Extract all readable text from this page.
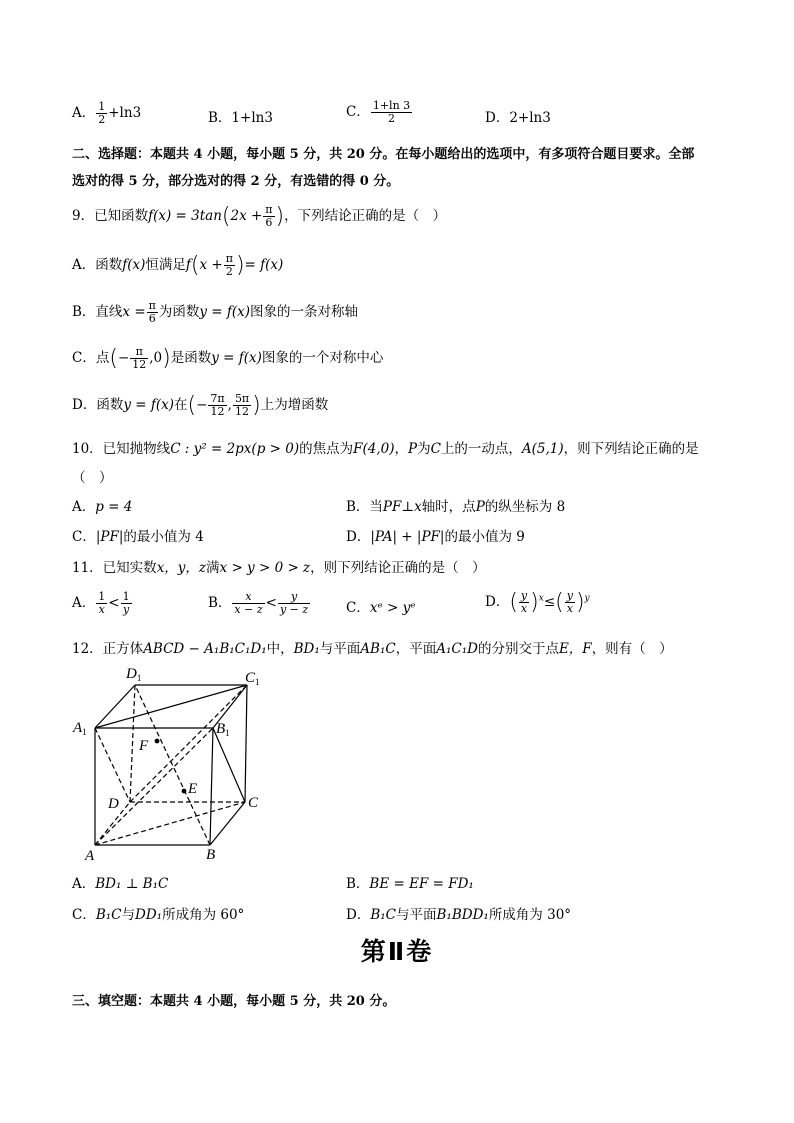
A． $\frac{1}{2} +\ln 3$	B．1+ln3	C． $\frac{1+\ln 3}{2}$	D．2+ln3
二、选择题：本题共 4 小题，每小题 5 分，共 20 分。在每小题给出的选项中，有多项符合题目要求。全部
选对的得 5 分，部分选对的得 2 分，有选错的得 0 分。
9．已知函数$f(x) = 3\tan(2x + \frac{\pi}{6}$ )，下列结论正确的是（　）
A．函数f(x)恒满足$f(x + \frac{\pi}{2}$ )= f(x)
B．直线$x = \frac{\pi}{6}$ 为函数y = f(x)图象的一条对称轴
C．点(− $\frac{\pi}{12} ,0$)是函数y = f(x)图象的一个对称中心
D．函数y = f(x)在(− $\frac{7\pi}{12}$ , $\frac{5\pi}{12}$ )上为增函数
10．已知抛物线C : y² = 2px(p > 0)的焦点为F(4,0)，P为C上的一动点，A(5,1)，则下列结论正确的是
（　）
A．p = 4	B．当PF⊥x轴时，点P的纵坐标为 8
C．|PF|的最小值为 4	D．|PA| + |PF|的最小值为 9
11．已知实数x，y，z满x > y > 0 > z，则下列结论正确的是（　）
A． $\frac{1}{x} < \frac{1}{y}$	B． $\frac{x}{x - z} < \frac{y}{y - z}$	C．xᵉ > yᵉ	D．( $\frac{y}{x} )^x\le( \frac{y}{x} )^y$
12．正方体ABCD − A₁B₁C₁D₁中，BD₁与平面AB₁C，平面A₁C₁D的分别交于点E，F，则有（　）
$D_1$	$C_1$
$A_1$	$B_1$
F
E
D	C
A	B
A．BD₁ ⊥ B₁C	B．BE = EF = FD₁
C．B₁C与DD₁所成角为 60°	D．B₁C与平面B₁BDD₁所成角为 30°
第Ⅱ卷
三、填空题：本题共 4 小题，每小题 5 分，共 20 分。
